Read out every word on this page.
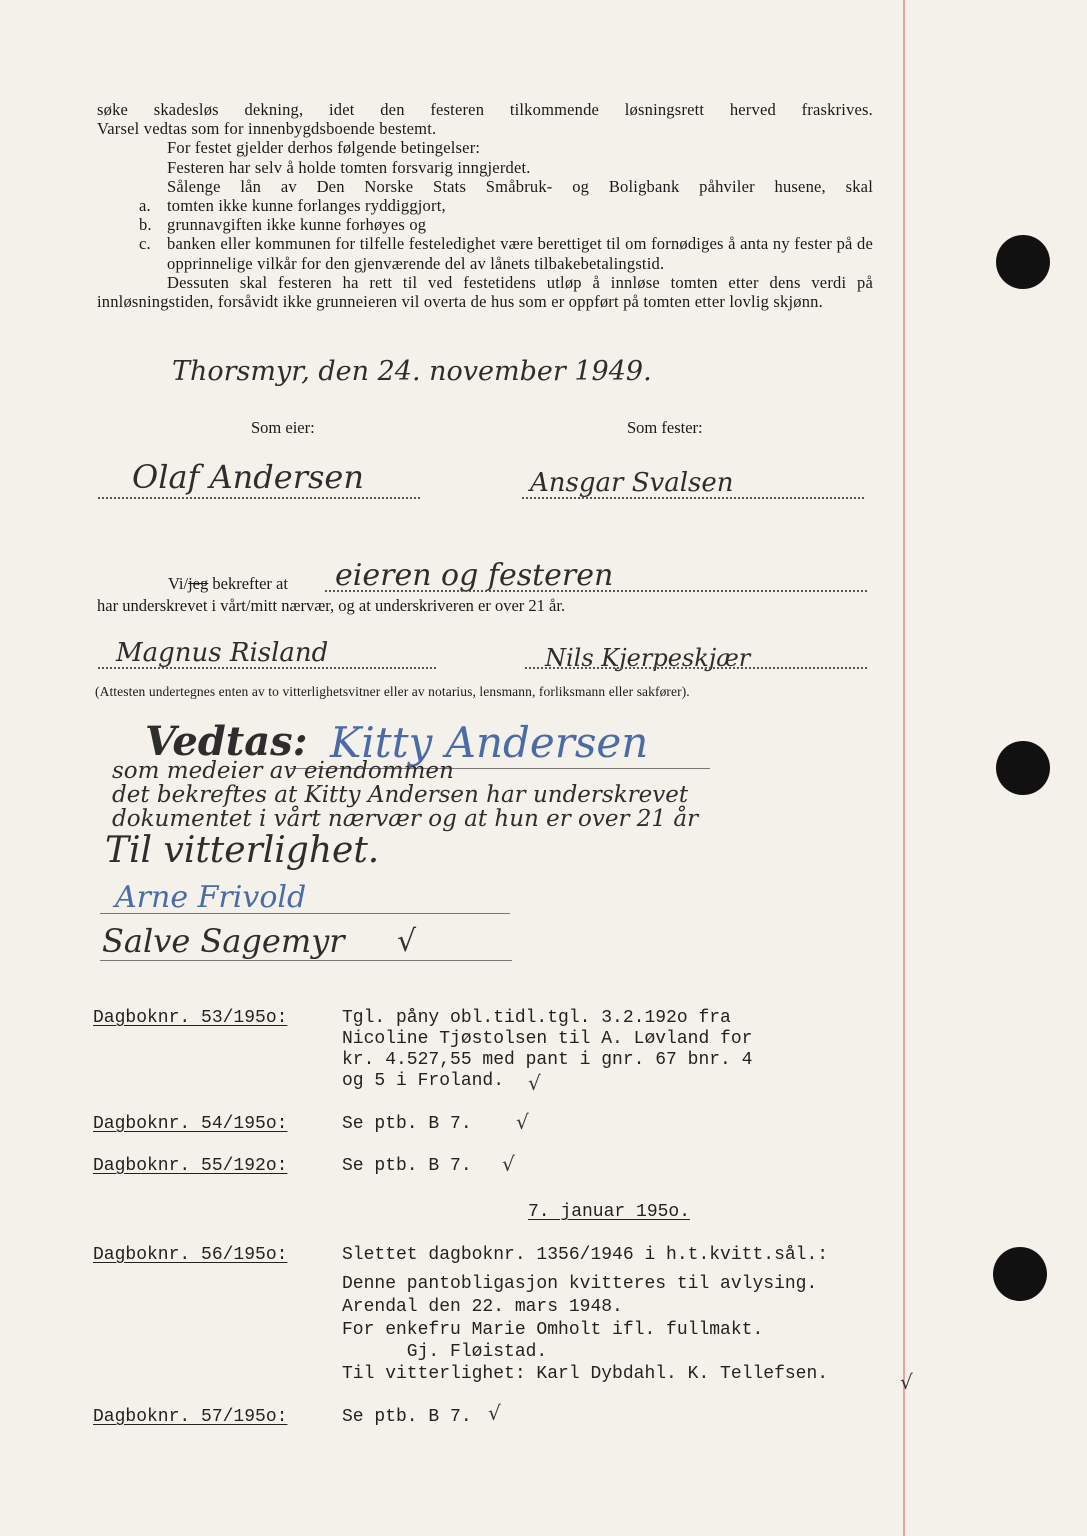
søke skadesløs dekning, idet den festeren tilkommende løsningsrett herved fraskrives.

Varsel vedtas som for innenbygdsboende bestemt.

For festet gjelder derhos følgende betingelser:

Festeren har selv å holde tomten forsvarig inngjerdet.

Sålenge lån av Den Norske Stats Småbruk- og Boligbank påhviler husene, skal

a. tomten ikke kunne forlanges ryddiggjort,
b. grunnavgiften ikke kunne forhøyes og
c. banken eller kommunen for tilfelle festeledighet være berettiget til om fornødiges å anta ny fester på de opprinnelige vilkår for den gjenværende del av lånets tilbakebetalingstid.

Dessuten skal festeren ha rett til ved festetidens utløp å innløse tomten etter dens verdi på innløsningstiden, forsåvidt ikke grunneieren vil overta de hus som er oppført på tomten etter lovlig skjønn.

Thorsmyr, den 24. november 1949.
Som eier:	Som fester:
Olaf Andersen	Ansgar Svalsen
Vi/jeg bekrefter at eieren og festeren
har underskrevet i vårt/mitt nærvær, og at underskriveren er over 21 år.
Magnus Risland	Nils Kjerpeskjær
(Attesten undertegnes enten av to vitterlighetsvitner eller av notarius, lensmann, forliksmann eller sakfører).
Vedtas: Kitty Andersen
som medeier av eiendommen
det bekreftes at Kitty Andersen har underskrevet
dokumentet i vårt nærvær og at hun er over 21 år
Til vitterlighet.
Arne Frivold
Salve Sagemyr √
Dagboknr. 53/195o:	Tgl. påny obl.tidl.tgl. 3.2.192o fra
Nicoline Tjøstolsen til A. Løvland for
kr. 4.527,55 med pant i gnr. 67 bnr. 4
og 5 i Froland. √
Dagboknr. 54/195o:	Se ptb. B 7. √
Dagboknr. 55/192o:	Se ptb. B 7. √
7. januar 195o.
Dagboknr. 56/195o:	Slettet dagboknr. 1356/1946 i h.t.kvitt.sål.:
Denne pantobligasjon kvitteres til avlysing.
Arendal den 22. mars 1948.
For enkefru Marie Omholt ifl. fullmakt.
Gj. Fløistad.
Til vitterlighet: Karl Dybdahl. K. Tellefsen.	√
Dagboknr. 57/195o:	Se ptb. B 7. √
